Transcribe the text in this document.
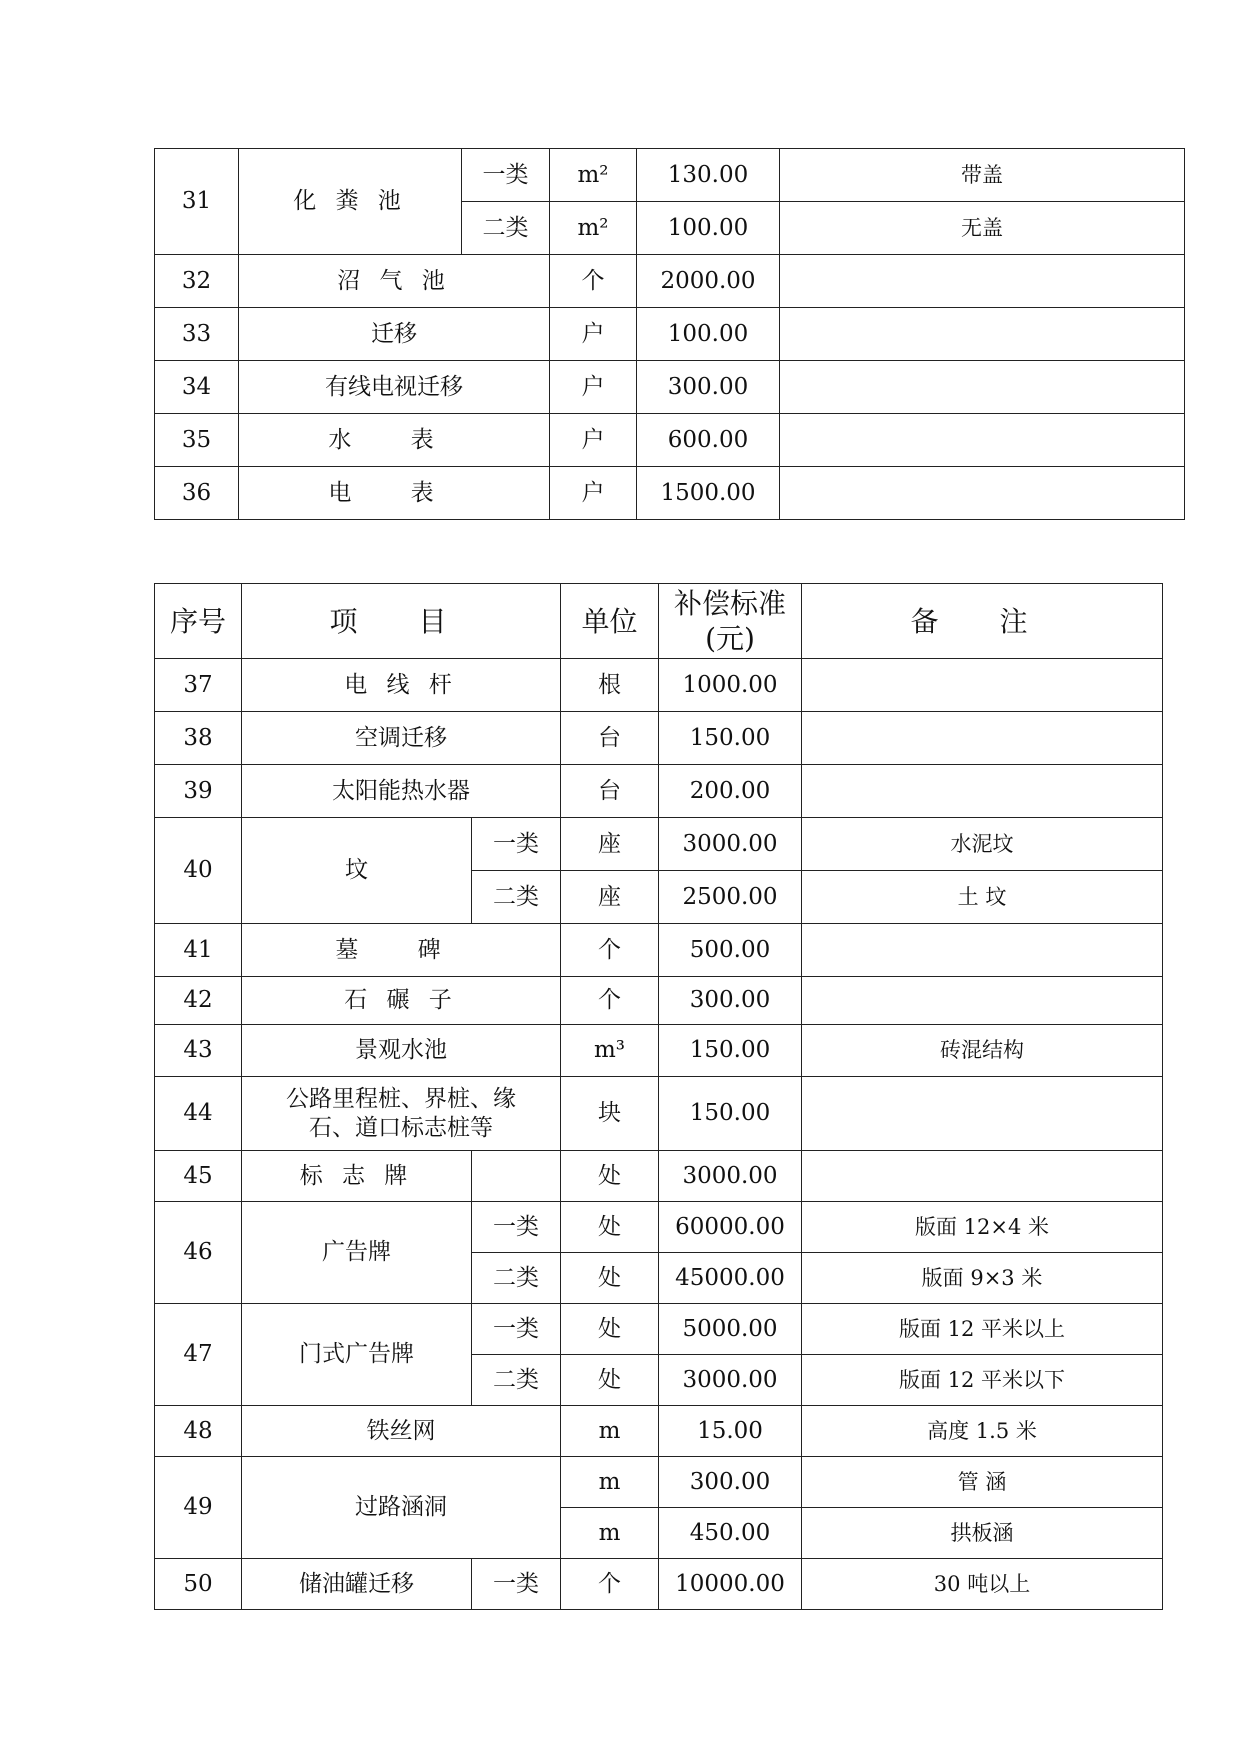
31	化 粪 池	一类	m²	130.00	带盖
		二类	m²	100.00	无盖
32	沼 气 池		个	2000.00	
33	迁移		户	100.00	
34	有线电视迁移		户	300.00	
35	水 表		户	600.00	
36	电 表		户	1500.00	
序号	项 目		单位	补偿标准(元)	备 注
37	电 线 杆		根	1000.00	
38	空调迁移		台	150.00	
39	太阳能热水器		台	200.00	
40	坟	一类	座	3000.00	水泥坟
		二类	座	2500.00	土 坟
41	墓 碑		个	500.00	
42	石 碾 子		个	300.00	
43	景观水池		m³	150.00	砖混结构
44	公路里程桩、界桩、缘石、道口标志桩等		块	150.00	
45	标 志 牌		处	3000.00	
46	广告牌	一类	处	60000.00	版面 12×4 米
		二类	处	45000.00	版面 9×3 米
47	门式广告牌	一类	处	5000.00	版面 12 平米以上
		二类	处	3000.00	版面 12 平米以下
48	铁丝网		m	15.00	高度 1.5 米
49	过路涵洞		m	300.00	管 涵
			m	450.00	拱板涵
50	储油罐迁移	一类	个	10000.00	30 吨以上
